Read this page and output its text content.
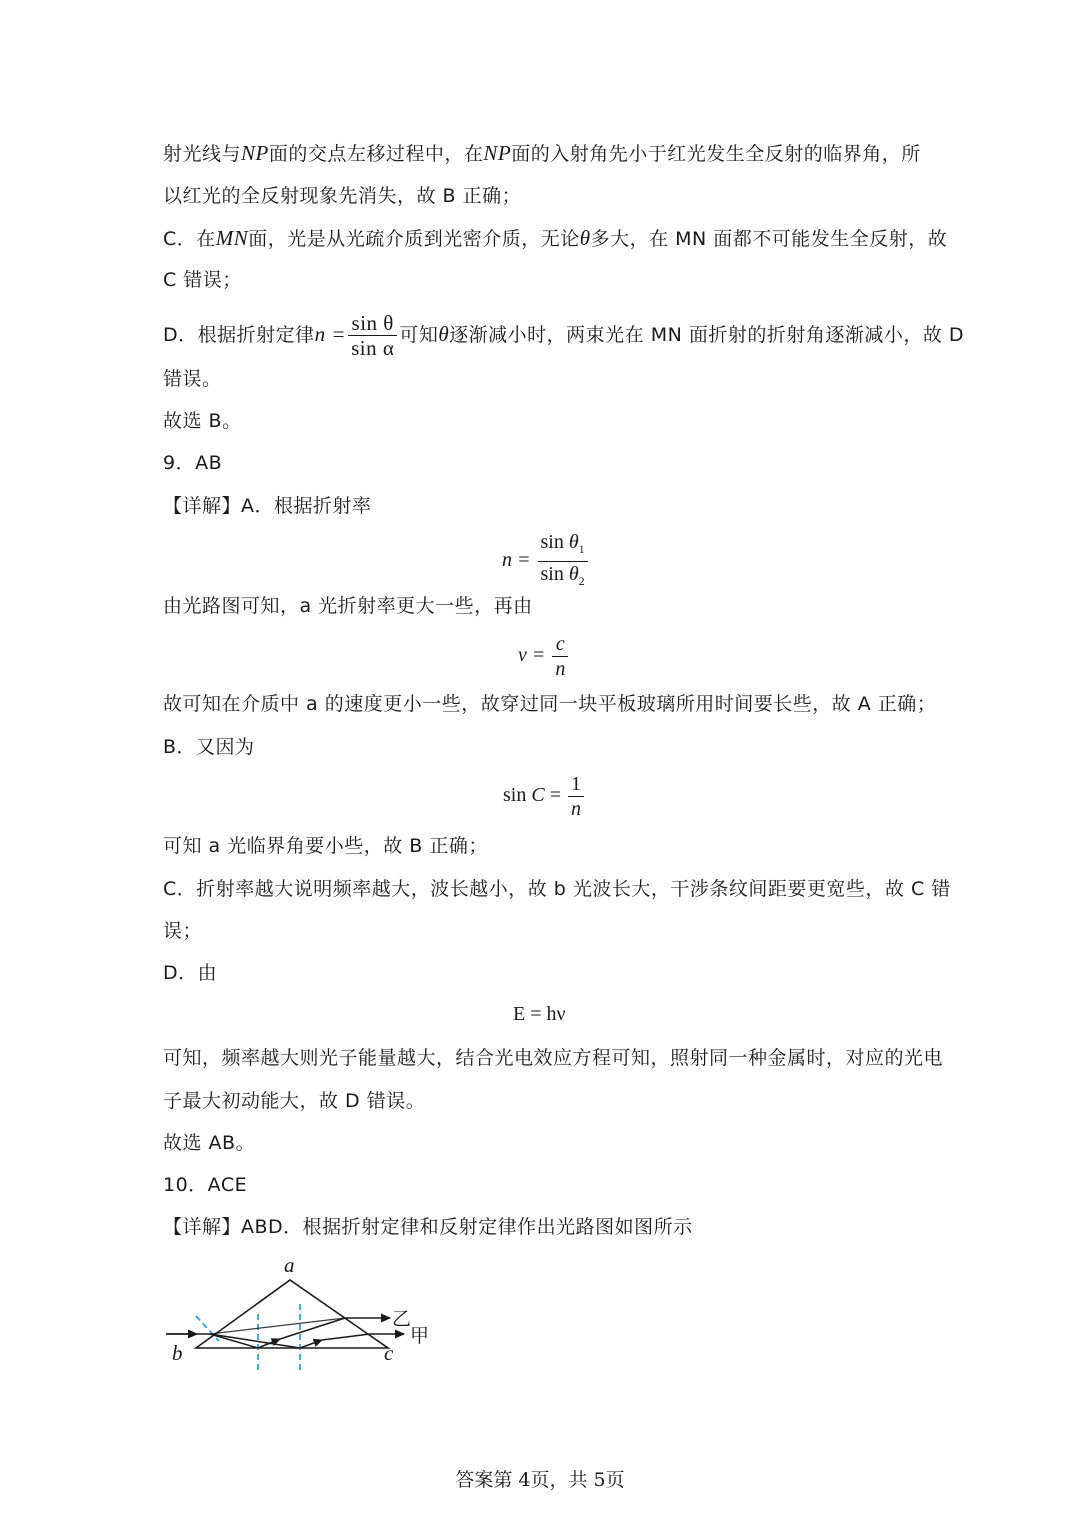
射光线与NP面的交点左移过程中，在NP面的入射角先小于红光发生全反射的临界角，所
以红光的全反射现象先消失，故 B 正确；
C．在MN面，光是从光疏介质到光密介质，无论θ多大，在 MN 面都不可能发生全反射，故
C 错误；
D．根据折射定律$n = \frac{\text{sin θ}}{\text{sin α}}$ 可知θ逐渐减小时，两束光在 MN 面折射的折射角逐渐减小，故 D
错误。
故选 B。
9．AB
【详解】A．根据折射率
$n = \frac{\sin \theta_1}{\sin \theta_2}$
由光路图可知，a 光折射率更大一些，再由
$v = \frac{c}{n}$
故可知在介质中 a 的速度更小一些，故穿过同一块平板玻璃所用时间要长些，故 A 正确；
B．又因为
$\sin C = \frac{1}{n}$
可知 a 光临界角要小些，故 B 正确；
C．折射率越大说明频率越大，波长越小，故 b 光波长大，干涉条纹间距要更宽些，故 C 错
误；
D．由
E = hν
可知，频率越大则光子能量越大，结合光电效应方程可知，照射同一种金属时，对应的光电
子最大初动能大，故 D 错误。
故选 AB。
10．ACE
【详解】ABD．根据折射定律和反射定律作出光路图如图所示
a
b	c
乙
甲
答案第 4页，共 5页
